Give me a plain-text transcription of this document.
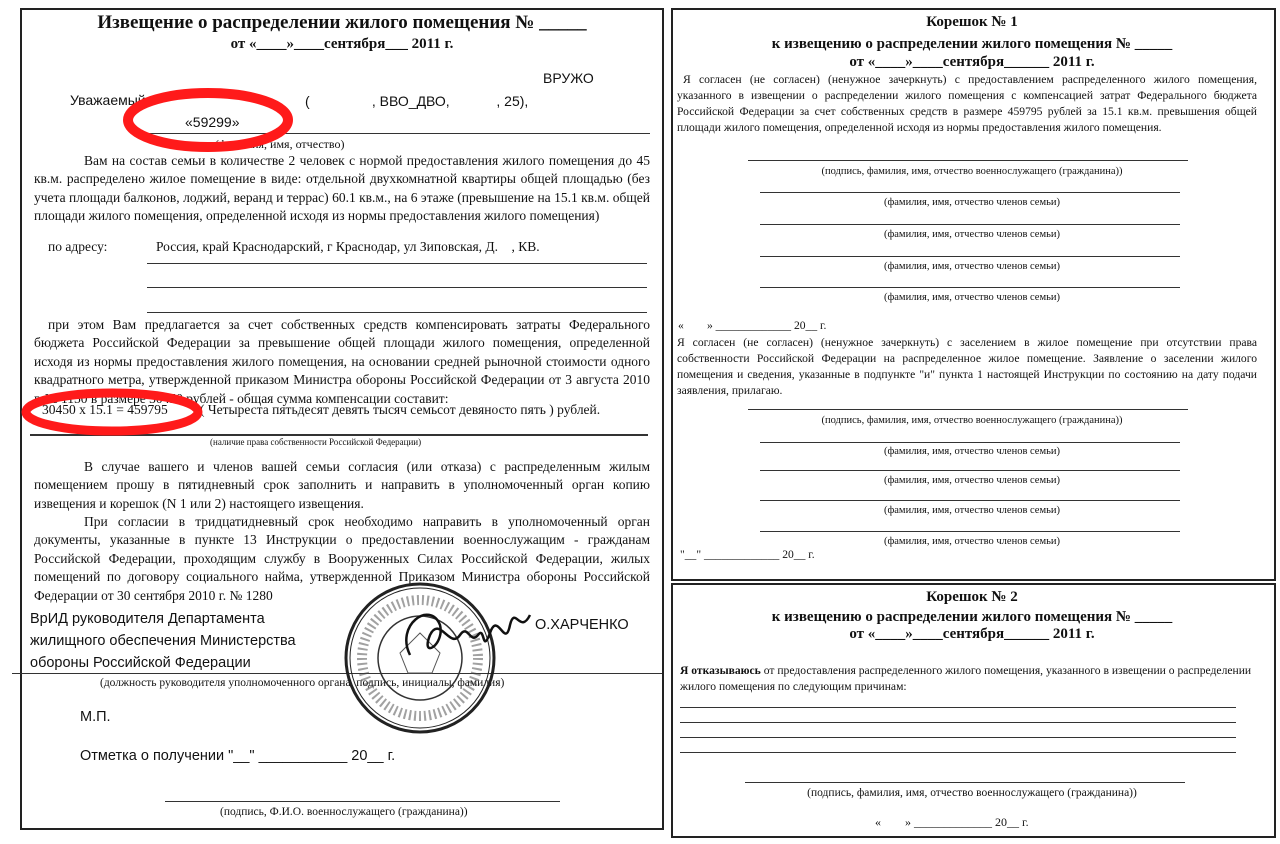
Извещение о распределении жилого помещения № _____
от «____»____сентября___ 2011 г.
ВРУЖО
Уважаемый	(                , ВВО_ДВО,            , 25),
«59299»
(фамилия, имя, отчество)
Вам на состав семьи в количестве 2 человек с нормой предоставления жилого помещения до 45 кв.м. распределено жилое помещение в виде: отдельной двухкомнатной квартиры общей площадью (без учета площади балконов, лоджий, веранд и террас) 60.1 кв.м., на 6 этаже (превышение на 15.1 кв.м. общей площади жилого помещения, определенной исходя из нормы предоставления жилого помещения)
по адресу:	Россия, край Краснодарский, г Краснодар, ул Зиповская, Д.    , КВ.
при этом Вам предлагается за счет собственных средств компенсировать затраты Федерального бюджета Российской Федерации за превышение общей площади жилого помещения, определенной исходя из нормы предоставления жилого помещения, на основании средней рыночной стоимости одного квадратного метра, утвержденной приказом Министра обороны Российской Федерации от 3 августа 2010 г. № 1150 в размере 30450 рублей - общая сумма компенсации составит:
30450 х 15.1 = 459795 ( Четыреста пятьдесят девять тысяч семьсот девяносто пять ) рублей.
(наличие права собственности Российской Федерации)
В случае вашего и членов вашей семьи согласия (или отказа) с распределенным жилым помещением прошу в пятидневный срок заполнить и направить в уполномоченный орган копию извещения и корешок (N 1 или 2) настоящего извещения.
При согласии в тридцатидневный срок необходимо направить в уполномоченный орган документы, указанные в пункте 13 Инструкции о предоставлении военнослужащим - гражданам Российской Федерации, проходящим службу в Вооруженных Силах Российской Федерации, жилых помещений по договору социального найма, утвержденной Приказом Министра обороны Российской Федерации от 30 сентября 2010 г. № 1280
ВрИД руководителя Департамента
жилищного обеспечения Министерства
обороны Российской Федерации
О.ХАРЧЕНКО
(должность руководителя уполномоченного органа, подпись, инициалы, фамилия)
М.П.
Отметка о получении "__" ___________ 20__ г.
(подпись, Ф.И.О. военнослужащего (гражданина))
Корешок № 1
к извещению о распределении жилого помещения № _____
от «____»____сентября______ 2011 г.
Я согласен (не согласен) (ненужное зачеркнуть) с предоставлением распределенного жилого помещения, указанного в извещении о распределении жилого помещения с компенсацией затрат Федерального бюджета Российской Федерации за счет собственных средств в размере 459795 рублей за 15.1 кв.м. превышения общей площади жилого помещения, определенной исходя из нормы предоставления жилого помещения.
(подпись, фамилия, имя, отчество военнослужащего (гражданина))
(фамилия, имя, отчество членов семьи)
(фамилия, имя, отчество членов семьи)
(фамилия, имя, отчество членов семьи)
(фамилия, имя, отчество членов семьи)
«        » _____________ 20__ г.
Я согласен (не согласен) (ненужное зачеркнуть) с заселением в жилое помещение при отсутствии права собственности Российской Федерации на распределенное жилое помещение. Заявление о заселении жилого помещения и сведения, указанные в подпункте "и" пункта 1 настоящей Инструкции по состоянию на дату подачи заявления, прилагаю.
(подпись, фамилия, имя, отчество военнослужащего (гражданина))
(фамилия, имя, отчество членов семьи)
(фамилия, имя, отчество членов семьи)
(фамилия, имя, отчество членов семьи)
(фамилия, имя, отчество членов семьи)
"__" _____________ 20__ г.
Корешок № 2
к извещению о распределении жилого помещения № _____
от «____»____сентября______ 2011 г.
Я отказываюсь от предоставления распределенного жилого помещения, указанного в извещении о распределении жилого помещения по следующим причинам:
(подпись, фамилия, имя, отчество военнослужащего (гражданина))
«        » _____________ 20__ г.
